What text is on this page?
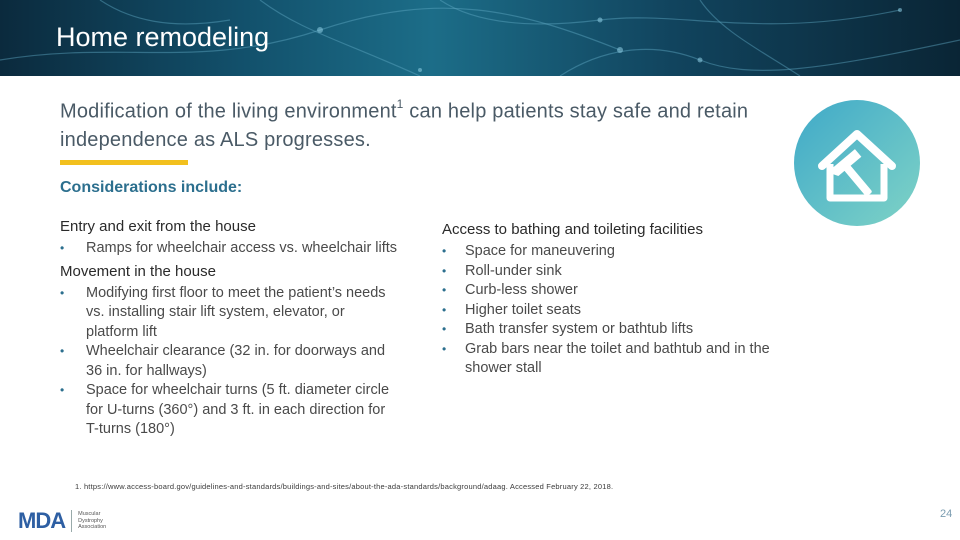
Home remodeling
Modification of the living environment$^1$ can help patients stay safe and retain independence as ALS progresses.
Considerations include:
Entry and exit from the house
• Ramps for wheelchair access vs. wheelchair lifts
Movement in the house
• Modifying first floor to meet the patient’s needs vs. installing stair lift system, elevator, or platform lift
• Wheelchair clearance (32 in. for doorways and 36 in. for hallways)
• Space for wheelchair turns (5 ft. diameter circle for U-turns (360°) and 3 ft. in each direction for T-turns (180°)
Access to bathing and toileting facilities
• Space for maneuvering
• Roll-under sink
• Curb-less shower
• Higher toilet seats
• Bath transfer system or bathtub lifts
• Grab bars near the toilet and bathtub and in the shower stall
1. https://www.access-board.gov/guidelines-and-standards/buildings-and-sites/about-the-ada-standards/background/adaag. Accessed February 22, 2018.
MDA Muscular Dystrophy Association
24
